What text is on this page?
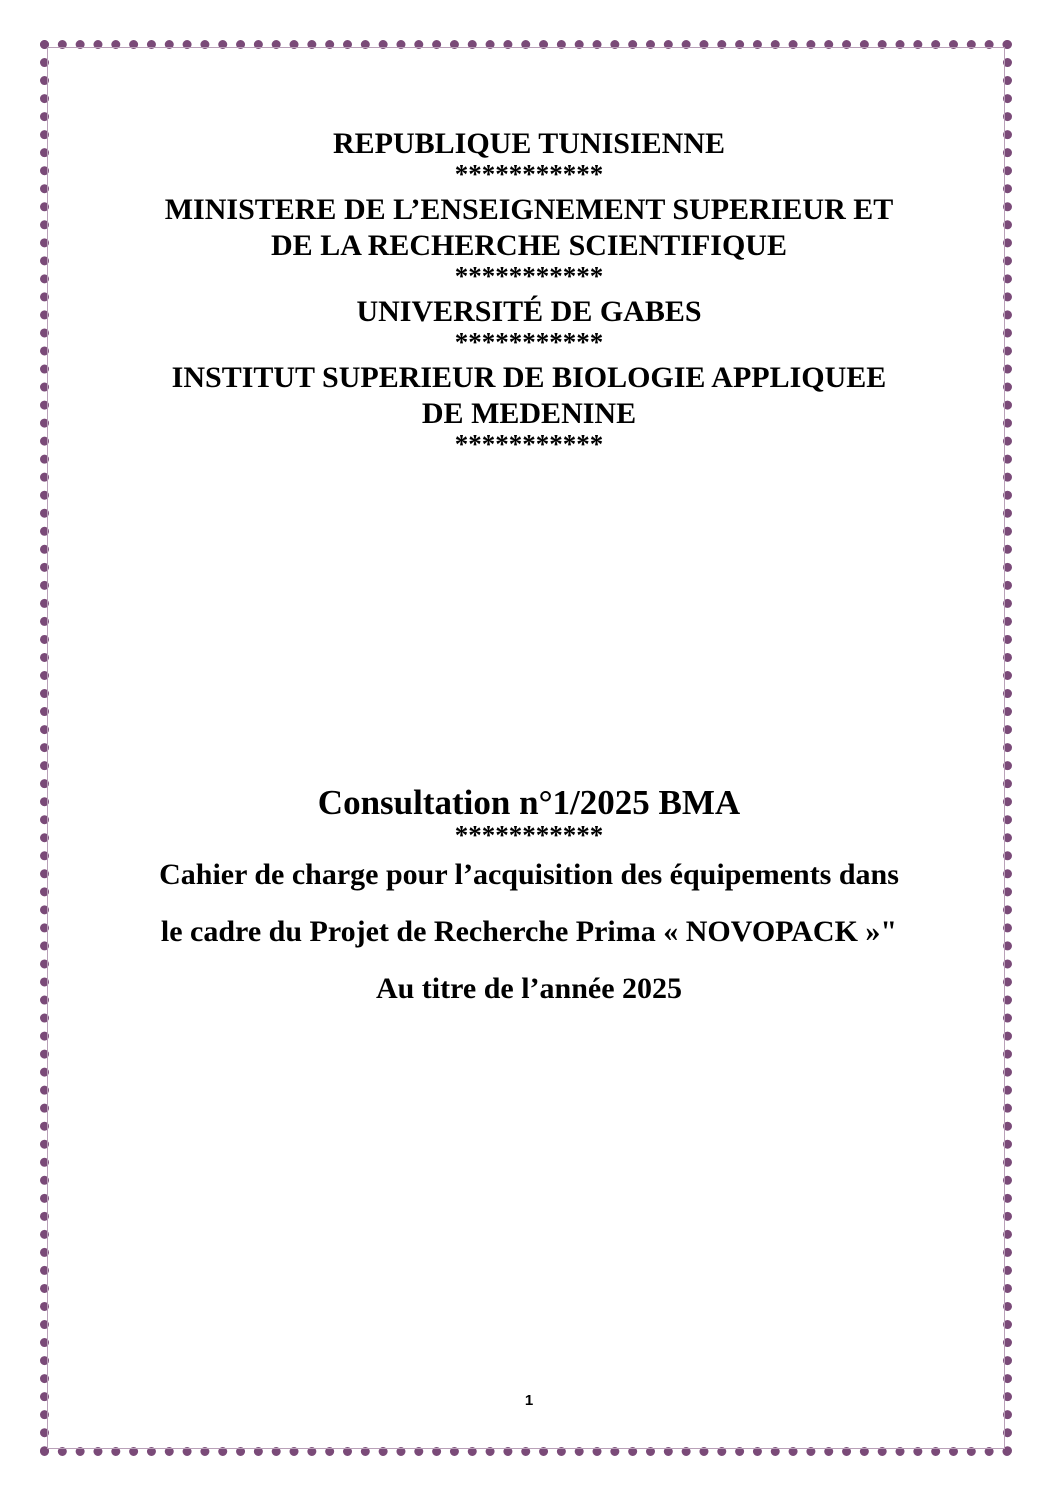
REPUBLIQUE TUNISIENNE
***********
MINISTERE DE L’ENSEIGNEMENT SUPERIEUR ET
DE LA RECHERCHE SCIENTIFIQUE
***********
UNIVERSITÉ DE GABES
***********
INSTITUT SUPERIEUR DE BIOLOGIE APPLIQUEE
DE MEDENINE
***********
Consultation n°1/2025 BMA
***********
Cahier de charge pour l’acquisition des équipements dans
le cadre du Projet de Recherche Prima « NOVOPACK »"
Au titre de l’année 2025
1
